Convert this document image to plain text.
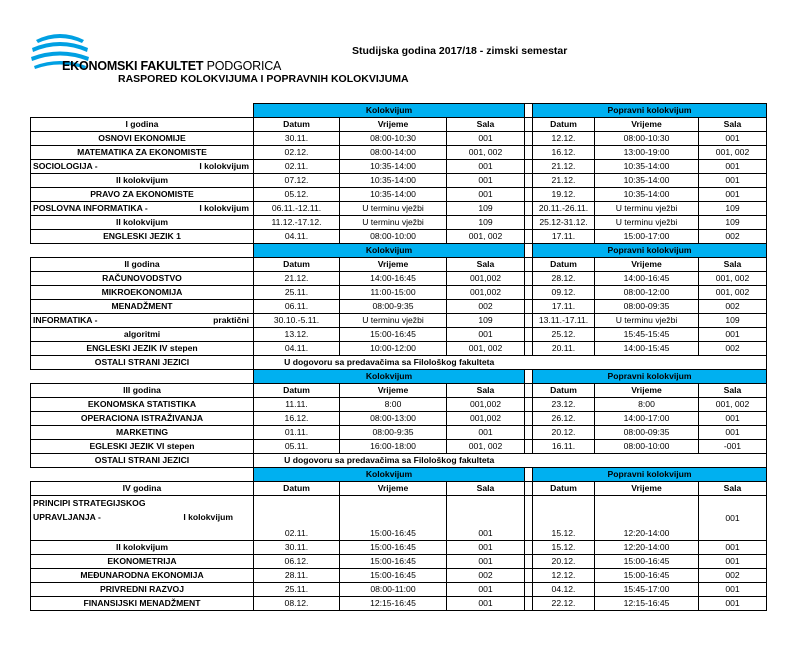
EKONOMSKI FAKULTET PODGORICA
Studijska godina 2017/18 - zimski semestar
RASPORED KOLOKVIJUMA I POPRAVNIH KOLOKVIJUMA
	Kolokvijum				Popravni kolokvijum		
I godina	Datum	Vrijeme	Sala		Datum	Vrijeme	Sala
OSNOVI EKONOMIJE	30.11.	08:00-10:30	001		12.12.	08:00-10:30	001
MATEMATIKA ZA EKONOMISTE	02.12.	08:00-14:00	001, 002		16.12.	13:00-19:00	001, 002

SOCIOLOGIJA - I kolokvijum	02.11.	10:35-14:00	001		21.12.	10:35-14:00	001
II kolokvijum	07.12.	10:35-14:00	001		21.12.	10:35-14:00	001
PRAVO ZA EKONOMISTE	05.12.	10:35-14:00	001		19.12.	10:35-14:00	001

POSLOVNA INFORMATIKA - I kolokvijum	06.11.-12.11.	U terminu vježbi	109		20.11.-26.11.	U terminu vježbi	109
II kolokvijum	11.12.-17.12.	U terminu vježbi	109		25.12-31.12.	U terminu vježbi	109
ENGLESKI JEZIK 1	04.11.	08:00-10:00	001, 002		17.11.	15:00-17:00	002
	Kolokvijum				Popravni kolokvijum		
II godina	Datum	Vrijeme	Sala		Datum	Vrijeme	Sala
RAČUNOVODSTVO	21.12.	14:00-16:45	001,002		28.12.	14:00-16:45	001, 002
MIKROEKONOMIJA	25.11.	11:00-15:00	001,002		09.12.	08:00-12:00	001, 002
MENADŽMENT	06.11.	08:00-9:35	002		17.11.	08:00-09:35	002

INFORMATIKA - praktični	30.10.-5.11.	U terminu vježbi	109		13.11.-17.11.	U terminu vježbi	109
algoritmi	13.12.	15:00-16:45	001		25.12.	15:45-15:45	001
ENGLESKI JEZIK IV stepen	04.11.	10:00-12:00	001, 002		20.11.	14:00-15:45	002
OSTALI STRANI JEZICI	U dogovoru sa predavačima sa Filološkog fakulteta						
	Kolokvijum				Popravni kolokvijum		
III godina	Datum	Vrijeme	Sala		Datum	Vrijeme	Sala
EKONOMSKA STATISTIKA	11.11.	8:00	001,002		23.12.	8:00	001, 002
OPERACIONA ISTRAŽIVANJA	16.12.	08:00-13:00	001,002		26.12.	14:00-17:00	001
MARKETING	01.11.	08:00-9:35	001		20.12.	08:00-09:35	001
EGLESKI JEZIK VI stepen	05.11.	16:00-18:00	001, 002		16.11.	08:00-10:00	-001
OSTALI STRANI JEZICI	U dogovoru sa predavačima sa Filološkog fakulteta						
	Kolokvijum				Popravni kolokvijum		
IV godina	Datum	Vrijeme	Sala		Datum	Vrijeme	Sala

PRINCIPI STRATEGIJSKOG
UPRAVLJANJA - I kolokvijum	02.11.	15:00-16:45	001		15.12.	12:20-14:00	001
II kolokvijum	30.11.	15:00-16:45	001		15.12.	12:20-14:00	001
EKONOMETRIJA	06.12.	15:00-16:45	001		20.12.	15:00-16:45	001
MEĐUNARODNA EKONOMIJA	28.11.	15:00-16:45	002		12.12.	15:00-16:45	002
PRIVREDNI RAZVOJ	25.11.	08:00-11:00	001		04.12.	15:45-17:00	001
FINANSIJSKI MENADŽMENT	08.12.	12:15-16:45	001		22.12.	12:15-16:45	001
